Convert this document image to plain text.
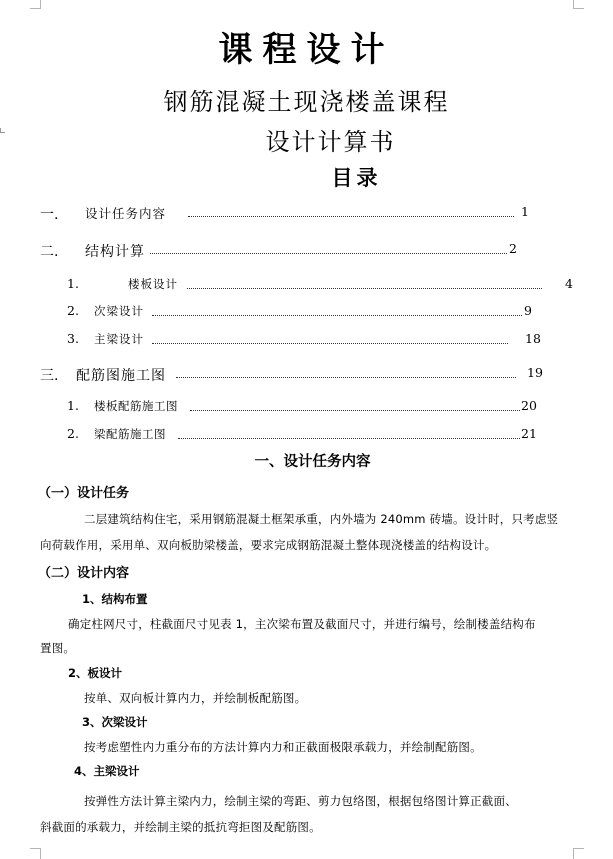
课程设计
钢筋混凝土现浇楼盖课程
设计计算书
目录
一. 设计任务内容	1
二. 结构计算	2
1.	楼板设计	4
2. 次梁设计	9
3. 主梁设计	18
三. 配筋图施工图	19
1. 楼板配筋施工图	20
2. 梁配筋施工图	21
一、设计任务内容
（一）设计任务
二层建筑结构住宅，采用钢筋混凝土框架承重，内外墙为 240mm 砖墙。设计时，只考虑竖
向荷载作用，采用单、双向板肋梁楼盖，要求完成钢筋混凝土整体现浇楼盖的结构设计。
（二）设计内容
1、结构布置
确定柱网尺寸，柱截面尺寸见表 1，主次梁布置及截面尺寸，并进行编号，绘制楼盖结构布
置图。
2、板设计
按单、双向板计算内力，并绘制板配筋图。
3、次梁设计
按考虑塑性内力重分布的方法计算内力和正截面极限承载力，并绘制配筋图。
4、主梁设计
按弹性方法计算主梁内力，绘制主梁的弯距、剪力包络图，根据包络图计算正截面、
斜截面的承载力，并绘制主梁的抵抗弯拒图及配筋图。
